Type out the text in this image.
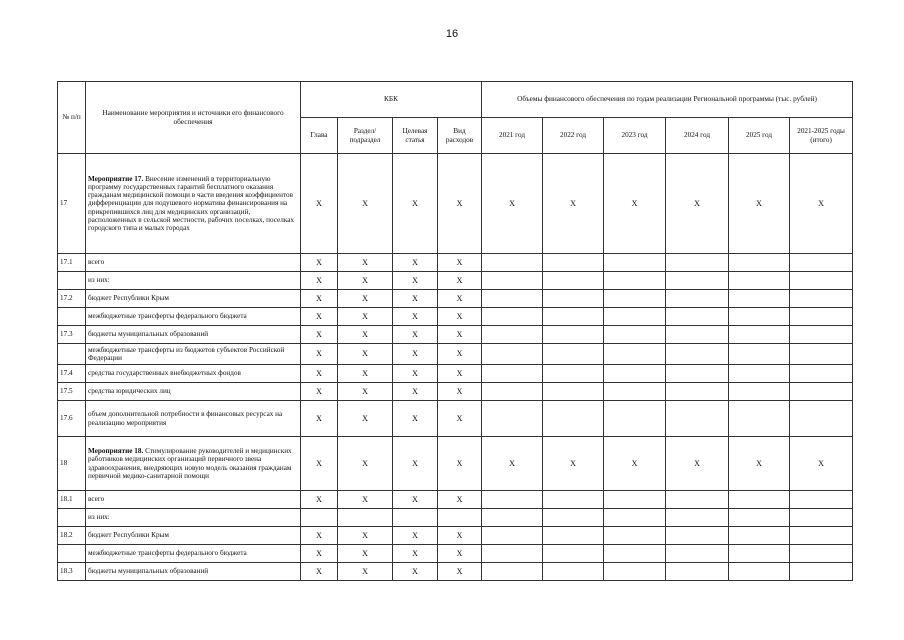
16
№ п/п	Наименование мероприятия и источники его финансового обеспечения	КБК				Объемы финансового обеспечения по годам реализации Региональной программы (тыс. рублей)					
		Глава	Раздел/ подраздел	Целевая статья	Вид расходов	2021 год	2022 год	2023 год	2024 год	2025 год	2021-2025 годы (итого)
17	Мероприятие 17. Внесение изменений в территориальную программу государственных гарантий бесплатного оказания гражданам медицинской помощи в части введения коэффициентов дифференциации для подушевого норматива финансирования на прикрепившихся лиц для медицинских организаций, расположенных в сельской местности, рабочих поселках, поселках городского типа и малых городах	X	X	X	X	X	X	X	X	X	X
17.1	всего	X	X	X	X						
	из них:	X	X	X	X						
17.2	бюджет Республики Крым	X	X	X	X						
	межбюджетные трансферты федерального бюджета	X	X	X	X						
17.3	бюджеты муниципальных образований	X	X	X	X						
	межбюджетные трансферты из бюджетов субъектов Российской Федерации	X	X	X	X						
17.4	средства государственных внебюджетных фондов	X	X	X	X						
17.5	средства юридических лиц	X	X	X	X						
17.6	объем дополнительной потребности в финансовых ресурсах на реализацию мероприятия	X	X	X	X						
18	Мероприятие 18. Стимулирование руководителей и медицинских работников медицинских организаций первичного звена здравоохранения, внедряющих новую модель оказания гражданам первичной медико-санитарной помощи	X	X	X	X	X	X	X	X	X	X
18.1	всего	X	X	X	X						
	из них:										
18.2	бюджет Республики Крым	X	X	X	X						
	межбюджетные трансферты федерального бюджета	X	X	X	X						
18.3	бюджеты муниципальных образований	X	X	X	X						
